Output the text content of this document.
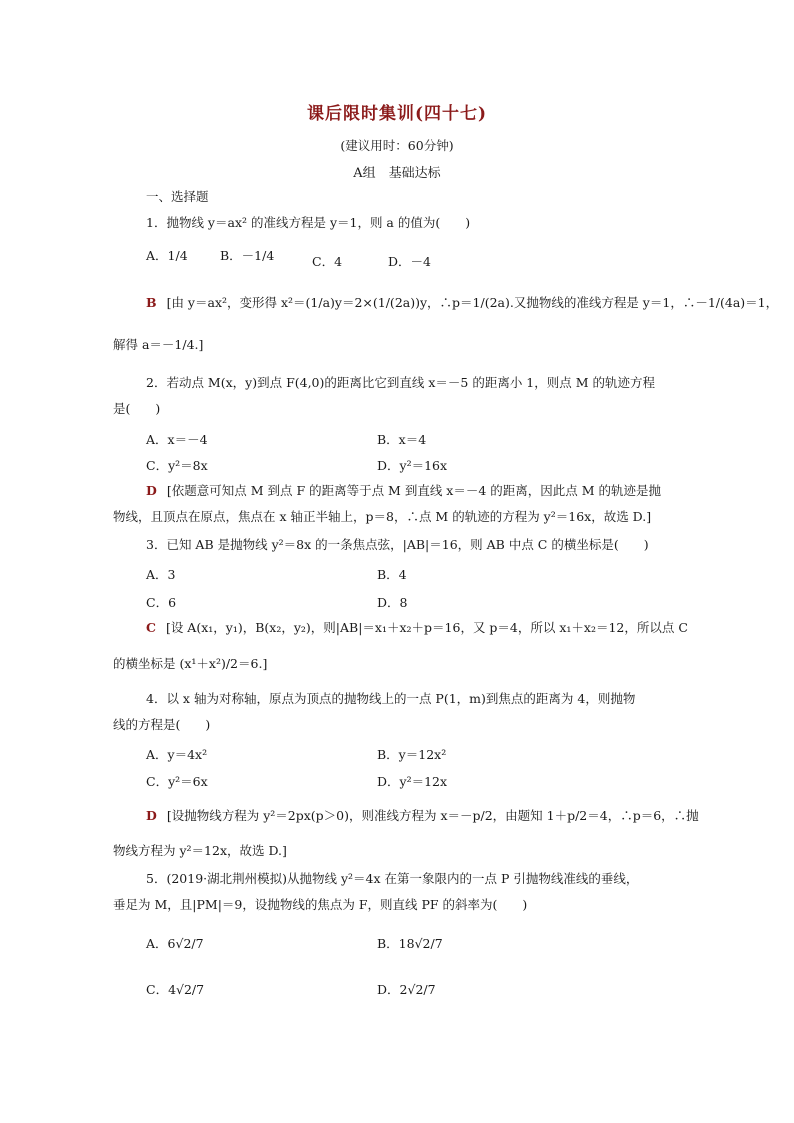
课后限时集训(四十七)
(建议用时：60分钟)
A组　基础达标
一、选择题
1．抛物线 y＝ax² 的准线方程是 y＝1，则 a 的值为(　　)
A．1/4	B．－1/4	C．4	D．－4
B [由 y＝ax²，变形得 x²＝(1/a)y＝2×(1/(2a))y，∴p＝1/(2a).又抛物线的准线方程是 y＝1，∴－1/(4a)＝1，
解得 a＝－1/4.]
2．若动点 M(x，y)到点 F(4,0)的距离比它到直线 x＝－5 的距离小 1，则点 M 的轨迹方程
是(　　)
A．x＝－4	B．x＝4
C．y²＝8x	D．y²＝16x
D [依题意可知点 M 到点 F 的距离等于点 M 到直线 x＝－4 的距离，因此点 M 的轨迹是抛
物线，且顶点在原点，焦点在 x 轴正半轴上，p＝8，∴点 M 的轨迹的方程为 y²＝16x，故选 D.]
3．已知 AB 是抛物线 y²＝8x 的一条焦点弦，|AB|＝16，则 AB 中点 C 的横坐标是(　　)
A．3	B．4
C．6	D．8
C [设 A(x₁，y₁)，B(x₂，y₂)，则|AB|＝x₁＋x₂＋p＝16，又 p＝4，所以 x₁＋x₂＝12，所以点 C
的横坐标是 (x¹＋x²)/2＝6.]
4．以 x 轴为对称轴，原点为顶点的抛物线上的一点 P(1，m)到焦点的距离为 4，则抛物
线的方程是(　　)
A．y＝4x²	B．y＝12x²
C．y²＝6x	D．y²＝12x
D [设抛物线方程为 y²＝2px(p＞0)，则准线方程为 x＝－p/2，由题知 1＋p/2＝4，∴p＝6，∴抛
物线方程为 y²＝12x，故选 D.]
5．(2019·湖北荆州模拟)从抛物线 y²＝4x 在第一象限内的一点 P 引抛物线准线的垂线，
垂足为 M，且|PM|＝9，设抛物线的焦点为 F，则直线 PF 的斜率为(　　)
A．6√2/7	B．18√2/7
C．4√2/7	D．2√2/7
